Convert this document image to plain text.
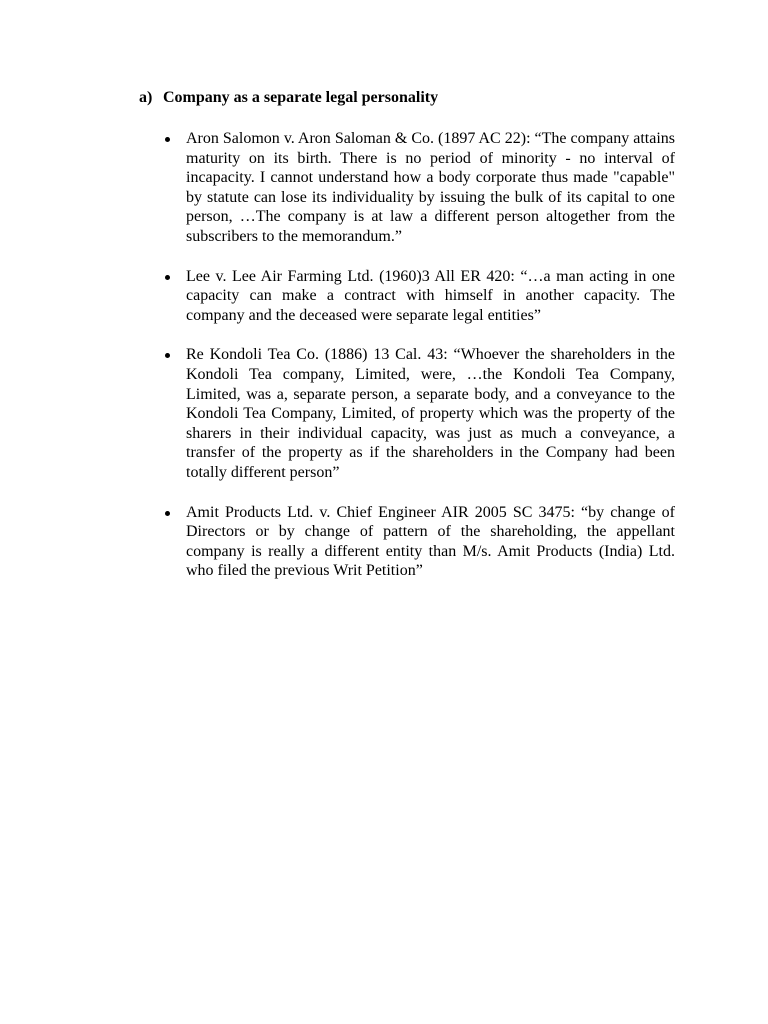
a) Company as a separate legal personality
Aron Salomon v. Aron Saloman & Co. (1897 AC 22): “The company attains maturity on its birth. There is no period of minority - no interval of incapacity. I cannot understand how a body corporate thus made "capable" by statute can lose its individuality by issuing the bulk of its capital to one person, …The company is at law a different person altogether from the subscribers to the memorandum.”
Lee v. Lee Air Farming Ltd. (1960)3 All ER 420: “…a man acting in one capacity can make a contract with himself in another capacity. The company and the deceased were separate legal entities”
Re Kondoli Tea Co. (1886) 13 Cal. 43: “Whoever the shareholders in the Kondoli Tea company, Limited, were, …the Kondoli Tea Company, Limited, was a, separate person, a separate body, and a conveyance to the Kondoli Tea Company, Limited, of property which was the property of the sharers in their individual capacity, was just as much a conveyance, a transfer of the property as if the shareholders in the Company had been totally different person”
Amit Products Ltd. v. Chief Engineer AIR 2005 SC 3475: “by change of Directors or by change of pattern of the shareholding, the appellant company is really a different entity than M/s. Amit Products (India) Ltd. who filed the previous Writ Petition”
